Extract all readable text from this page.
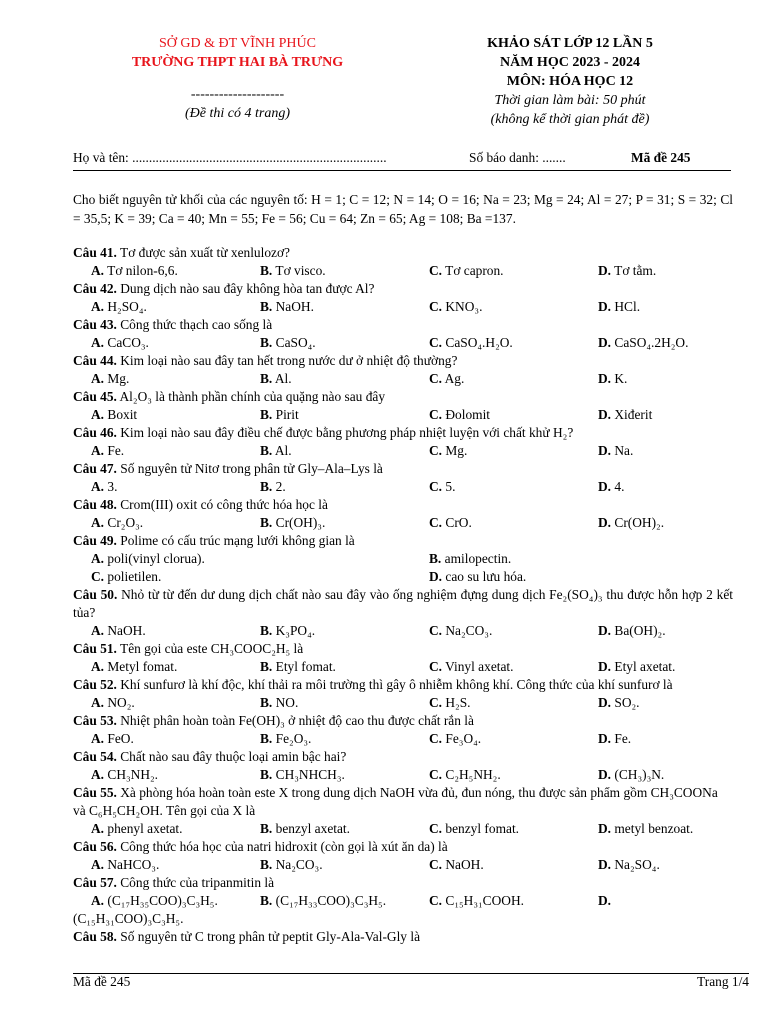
SỞ GD & ĐT VĨNH PHÚC
TRƯỜNG THPT HAI BÀ TRƯNG
--------------------
(Đề thi có 4 trang)
KHẢO SÁT LỚP 12 LẦN 5
NĂM HỌC 2023 - 2024
MÔN: HÓA HỌC 12
Thời gian làm bài: 50 phút
(không kể thời gian phát đề)
Họ và tên: ............................................................................	Số báo danh: .......	Mã đề 245
Cho biết nguyên tử khối của các nguyên tố: H = 1; C = 12; N = 14; O = 16; Na = 23; Mg = 24; Al = 27; P = 31; S = 32; Cl = 35,5; K = 39; Ca = 40; Mn = 55; Fe = 56; Cu = 64; Zn = 65; Ag = 108; Ba =137.
Câu 41. Tơ được sản xuất từ xenlulozơ?
A. Tơ nilon-6,6.	B. Tơ visco.	C. Tơ capron.	D. Tơ tằm.
Câu 42. Dung dịch nào sau đây không hòa tan được Al?
A. H₂SO₄.	B. NaOH.	C. KNO₃.	D. HCl.
Câu 43. Công thức thạch cao sống là
A. CaCO₃.	B. CaSO₄.	C. CaSO₄.H₂O.	D. CaSO₄.2H₂O.
Câu 44. Kim loại nào sau đây tan hết trong nước dư ở nhiệt độ thường?
A. Mg.	B. Al.	C. Ag.	D. K.
Câu 45. Al₂O₃ là thành phần chính của quặng nào sau đây
A. Boxit	B. Pirit	C. Đolomit	D. Xiđerit
Câu 46. Kim loại nào sau đây điều chế được bằng phương pháp nhiệt luyện với chất khử H₂?
A. Fe.	B. Al.	C. Mg.	D. Na.
Câu 47. Số nguyên tử Nitơ trong phân tử Gly–Ala–Lys là
A. 3.	B. 2.	C. 5.	D. 4.
Câu 48. Crom(III) oxit có công thức hóa học là
A. Cr₂O₃.	B. Cr(OH)₃.	C. CrO.	D. Cr(OH)₂.
Câu 49. Polime có cấu trúc mạng lưới không gian là
A. poli(vinyl clorua).	B. amilopectin.
C. polietilen.	D. cao su lưu hóa.
Câu 50. Nhỏ từ từ đến dư dung dịch chất nào sau đây vào ống nghiệm đựng dung dịch Fe₂(SO₄)₃ thu được hỗn hợp 2 kết tủa?
A. NaOH.	B. K₃PO₄.	C. Na₂CO₃.	D. Ba(OH)₂.
Câu 51. Tên gọi của este CH₃COOC₂H₅ là
A. Metyl fomat.	B. Etyl fomat.	C. Vinyl axetat.	D. Etyl axetat.
Câu 52. Khí sunfurơ là khí độc, khí thải ra môi trường thì gây ô nhiễm không khí. Công thức của khí sunfurơ là
A. NO₂.	B. NO.	C. H₂S.	D. SO₂.
Câu 53. Nhiệt phân hoàn toàn Fe(OH)₃ ở nhiệt độ cao thu được chất rắn là
A. FeO.	B. Fe₂O₃.	C. Fe₃O₄.	D. Fe.
Câu 54. Chất nào sau đây thuộc loại amin bậc hai?
A. CH₃NH₂.	B. CH₃NHCH₃.	C. C₂H₅NH₂.	D. (CH₃)₃N.
Câu 55. Xà phòng hóa hoàn toàn este X trong dung dịch NaOH vừa đủ, đun nóng, thu được sản phẩm gồm CH₃COONa và C₆H₅CH₂OH. Tên gọi của X là
A. phenyl axetat.	B. benzyl axetat.	C. benzyl fomat.	D. metyl benzoat.
Câu 56. Công thức hóa học của natri hidroxit (còn gọi là xút ăn da) là
A. NaHCO₃.	B. Na₂CO₃.	C. NaOH.	D. Na₂SO₄.
Câu 57. Công thức của tripanmitin là
A. (C₁₇H₃₅COO)₃C₃H₅.	B. (C₁₇H₃₃COO)₃C₃H₅.	C. C₁₅H₃₁COOH.	D.
(C₁₅H₃₁COO)₃C₃H₅.
Câu 58. Số nguyên tử C trong phân tử peptit Gly-Ala-Val-Gly là
Mã đề 245	Trang 1/4
